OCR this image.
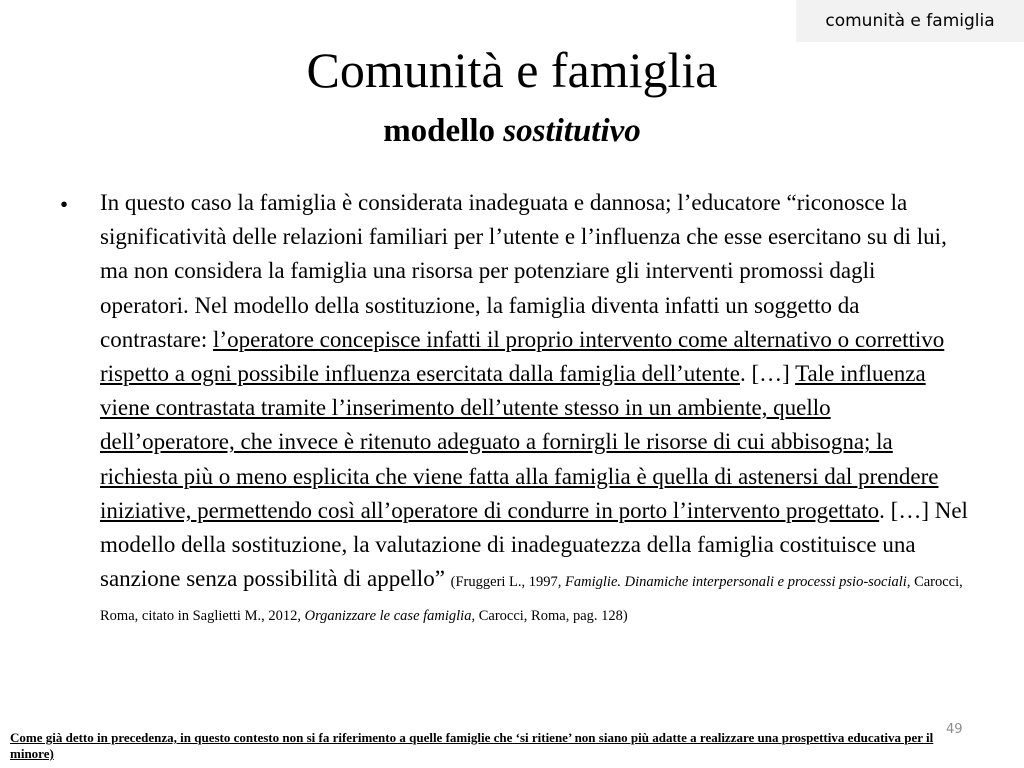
comunità e famiglia
Comunità e famiglia
modello sostitutivo
• In questo caso la famiglia è considerata inadeguata e dannosa; l’educatore “riconosce la significatività delle relazioni familiari per l’utente e l’influenza che esse esercitano su di lui, ma non considera la famiglia una risorsa per potenziare gli interventi promossi dagli operatori. Nel modello della sostituzione, la famiglia diventa infatti un soggetto da contrastare: l’operatore concepisce infatti il proprio intervento come alternativo o correttivo rispetto a ogni possibile influenza esercitata dalla famiglia dell’utente. […] Tale influenza viene contrastata tramite l’inserimento dell’utente stesso in un ambiente, quello dell’operatore, che invece è ritenuto adeguato a fornirgli le risorse di cui abbisogna; la richiesta più o meno esplicita che viene fatta alla famiglia è quella di astenersi dal prendere iniziative, permettendo così all’operatore di condurre in porto l’intervento progettato. […] Nel modello della sostituzione, la valutazione di inadeguatezza della famiglia costituisce una sanzione senza possibilità di appello” (Fruggeri L., 1997, Famiglie. Dinamiche interpersonali e processi psio-sociali, Carocci, Roma, citato in Saglietti M., 2012, Organizzare le case famiglia, Carocci, Roma, pag. 128)
Come già detto in precedenza, in questo contesto non si fa riferimento a quelle famiglie che ‘si ritiene’ non siano più adatte a realizzare una prospettiva educativa per il minore)
49
